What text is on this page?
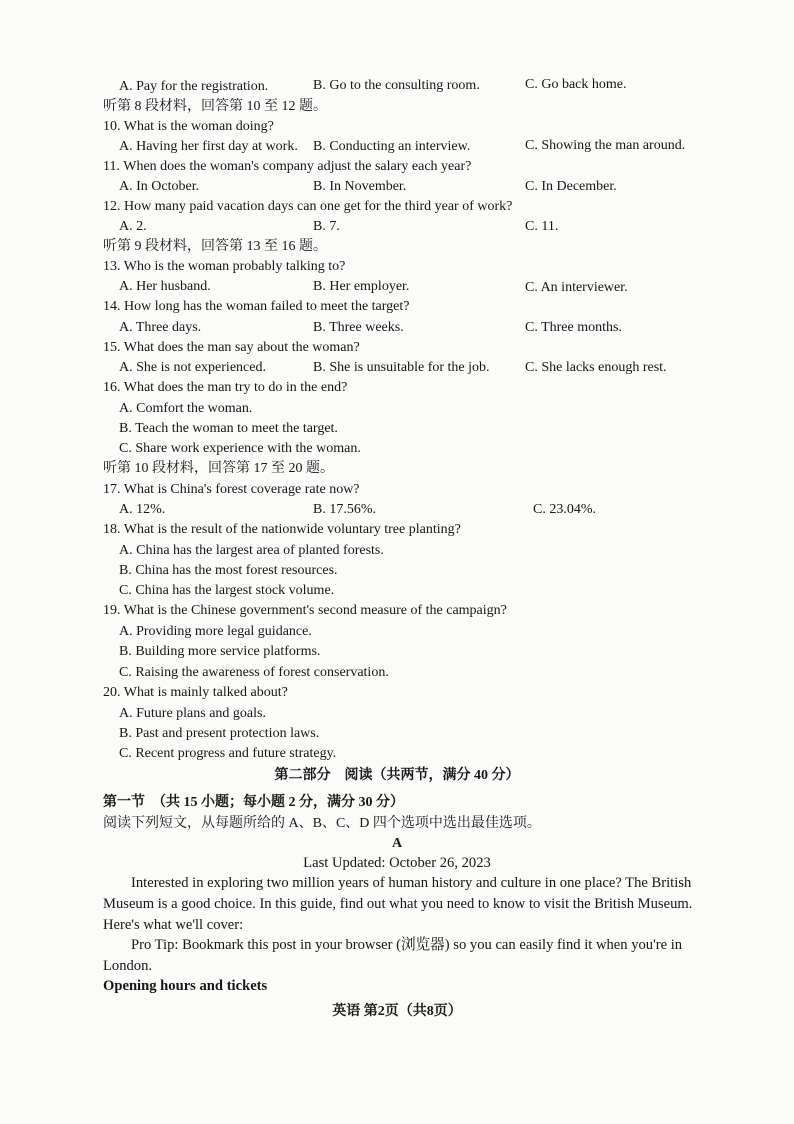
A. Pay for the registration.	B. Go to the consulting room.	C. Go back home.
听第 8 段材料，回答第 10 至 12 题。
10. What is the woman doing?
A. Having her first day at work. B. Conducting an interview.	C. Showing the man around.
11. When does the woman's company adjust the salary each year?
A. In October.	B. In November.	C. In December.
12. How many paid vacation days can one get for the third year of work?
A. 2.	B. 7.	C. 11.
听第 9 段材料，回答第 13 至 16 题。
13. Who is the woman probably talking to?
A. Her husband.	B. Her employer.	C. An interviewer.
14. How long has the woman failed to meet the target?
A. Three days.	B. Three weeks.	C. Three months.
15. What does the man say about the woman?
A. She is not experienced.	B. She is unsuitable for the job.	C. She lacks enough rest.
16. What does the man try to do in the end?
A. Comfort the woman.
B. Teach the woman to meet the target.
C. Share work experience with the woman.
听第 10 段材料，回答第 17 至 20 题。
17. What is China's forest coverage rate now?
A. 12%.	B. 17.56%.	C. 23.04%.
18. What is the result of the nationwide voluntary tree planting?
A. China has the largest area of planted forests.
B. China has the most forest resources.
C. China has the largest stock volume.
19. What is the Chinese government's second measure of the campaign?
A. Providing more legal guidance.
B. Building more service platforms.
C. Raising the awareness of forest conservation.
20. What is mainly talked about?
A. Future plans and goals.
B. Past and present protection laws.
C. Recent progress and future strategy.
第二部分　阅读（共两节，满分 40 分）
第一节　（共 15 小题；每小题 2 分，满分 30 分）
阅读下列短文，从每题所给的 A、B、C、D 四个选项中选出最佳选项。
A
Last Updated: October 26, 2023
Interested in exploring two million years of human history and culture in one place? The British Museum is a good choice. In this guide, find out what you need to know to visit the British Museum. Here's what we'll cover:
Pro Tip: Bookmark this post in your browser (浏览器) so you can easily find it when you're in London.
Opening hours and tickets
英语 第2页（共8页）
